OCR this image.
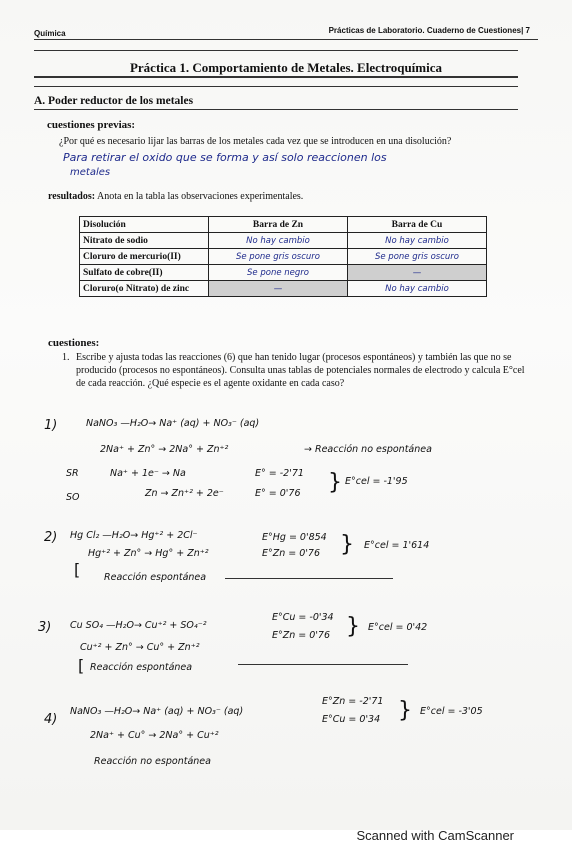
Química	Prácticas de Laboratorio. Cuaderno de Cuestiones| 7
Práctica 1. Comportamiento de Metales. Electroquímica
A. Poder reductor de los metales
cuestiones previas:
¿Por qué es necesario lijar las barras de los metales cada vez que se introducen en una disolución?
Para retirar el oxido que se forma y así solo reaccionen los
metales
resultados: Anota en la tabla las observaciones experimentales.
Disolución	Barra de Zn	Barra de Cu
Nitrato de sodio	No hay cambio	No hay cambio
Cloruro de mercurio(II)	Se pone gris oscuro	Se pone gris oscuro
Sulfato de cobre(II)	Se pone negro	—
Cloruro(o Nitrato) de zinc	—	No hay cambio
cuestiones:
1. Escribe y ajusta todas las reacciones (6) que han tenido lugar (procesos espontáneos) y también las que no se
producido (procesos no espontáneos). Consulta unas tablas de potenciales normales de electrodo y calcula E°cel
de cada reacción. ¿Qué especie es el agente oxidante en cada caso?
1)	NaNO₃ —H₂O→ Na⁺ (aq) + NO₃⁻ (aq)
2Na⁺ + Zn° → 2Na° + Zn⁺²	→ Reacción no espontánea
SR
SO
Na⁺ + 1e⁻ → Na
Zn → Zn⁺² + 2e⁻
E° = -2'71
E° = 0'76 } E°cel = -1'95
2) Hg Cl₂ —H₂O→ Hg⁺² + 2Cl⁻
Hg⁺² + Zn° → Hg° + Zn⁺²
E°Hg = 0'854
E°Zn = 0'76 } E°cel = 1'614
[	Reacción espontánea
3) Cu SO₄ —H₂O→ Cu⁺² + SO₄⁻²
Cu⁺² + Zn° → Cu° + Zn⁺²
E°Cu = -0'34
E°Zn = 0'76 } E°cel = 0'42
[ Reacción espontánea
4)
NaNO₃ —H₂O→ Na⁺ (aq) + NO₃⁻ (aq)
2Na⁺ + Cu° → 2Na° + Cu⁺²
E°Zn = -2'71
E°Cu = 0'34 } E°cel = -3'05
Reacción no espontánea
Scanned with CamScanner
